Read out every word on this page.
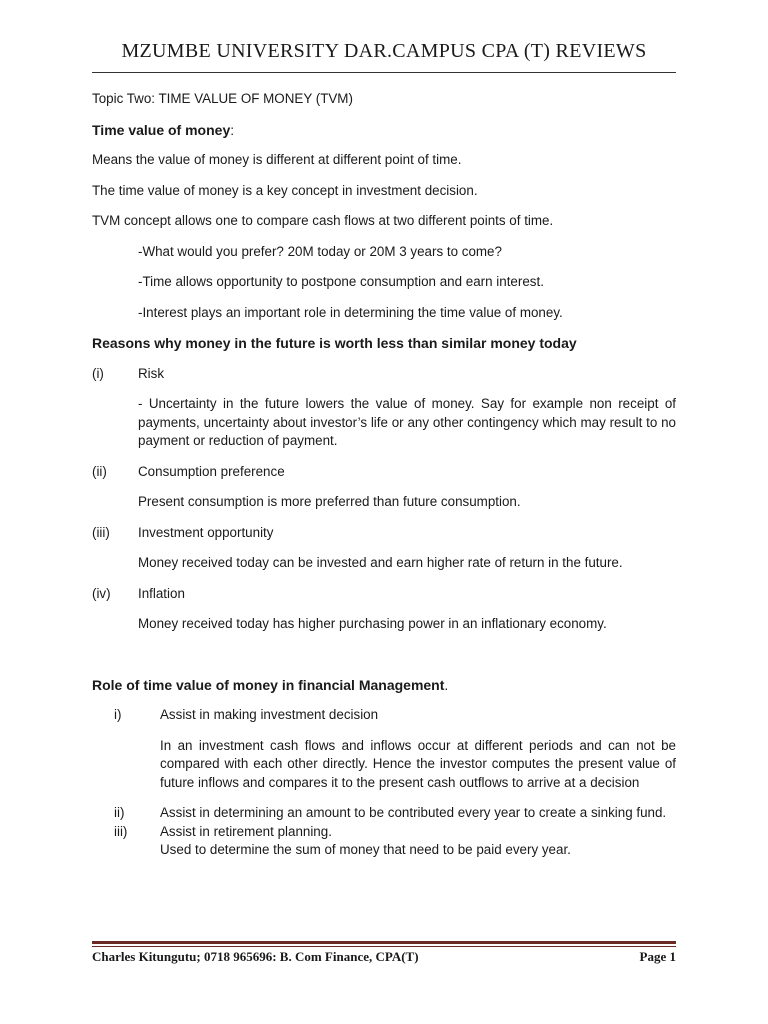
MZUMBE UNIVERSITY DAR.CAMPUS CPA (T) REVIEWS
Topic Two: TIME VALUE OF MONEY (TVM)
Time value of money:
Means the value of money is different at different point of time.
The time value of money is a key concept in investment decision.
TVM concept allows one to compare cash flows at two different points of time.
-What would you prefer? 20M today or 20M 3 years to come?
-Time allows opportunity to postpone consumption and earn interest.
-Interest plays an important role in determining the time value of money.
Reasons why money in the future is worth less than similar money today
(i)	Risk
- Uncertainty in the future lowers the value of money. Say for example non receipt of payments, uncertainty about investor’s life or any other contingency which may result to no payment or reduction of payment.
(ii)	Consumption preference
Present consumption is more preferred than future consumption.
(iii)	Investment opportunity
Money received today can be invested and earn higher rate of return in the future.
(iv)	Inflation
Money received today has higher purchasing power in an inflationary economy.
Role of time value of money in financial Management.
i)	Assist in making investment decision
In an investment cash flows and inflows occur at different periods and can not be compared with each other directly. Hence the investor computes the present value of future inflows and compares it to the present cash outflows to arrive at a decision
ii)	Assist in determining an amount to be contributed every year to create a sinking fund.
iii)	Assist in retirement planning.
Used to determine the sum of money that need to be paid every year.
Charles Kitungutu; 0718 965696: B. Com Finance, CPA(T)	Page 1
